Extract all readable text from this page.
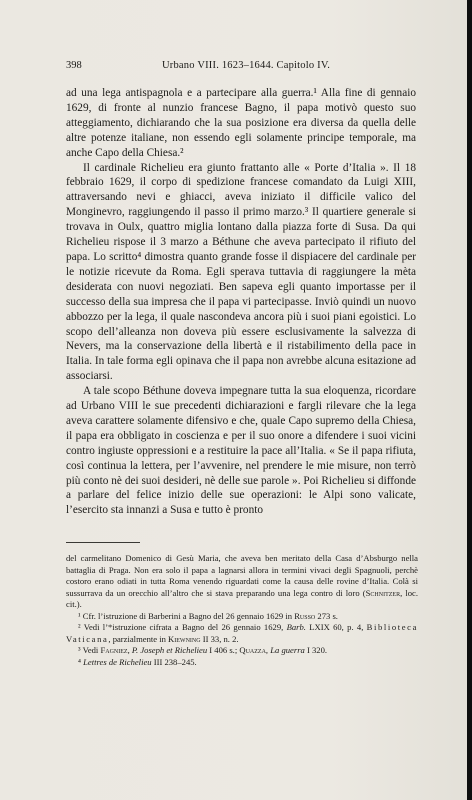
398	Urbano VIII. 1623–1644. Capitolo IV.

ad una lega antispagnola e a partecipare alla guerra.¹ Alla fine di gennaio 1629, di fronte al nunzio francese Bagno, il papa motivò questo suo atteggiamento, dichiarando che la sua posizione era diversa da quella delle altre potenze italiane, non essendo egli solamente principe temporale, ma anche Capo della Chiesa.²

Il cardinale Richelieu era giunto frattanto alle « Porte d’Italia ». Il 18 febbraio 1629, il corpo di spedizione francese comandato da Luigi XIII, attraversando nevi e ghiacci, aveva iniziato il difficile valico del Monginevro, raggiungendo il passo il primo marzo.³ Il quartiere generale si trovava in Oulx, quattro miglia lontano dalla piazza forte di Susa. Da qui Richelieu rispose il 3 marzo a Béthune che aveva partecipato il rifiuto del papa. Lo scritto⁴ dimostra quanto grande fosse il dispiacere del cardinale per le notizie ricevute da Roma. Egli sperava tuttavia di raggiungere la mèta desiderata con nuovi negoziati. Ben sapeva egli quanto importasse per il successo della sua impresa che il papa vi partecipasse. Inviò quindi un nuovo abbozzo per la lega, il quale nascondeva ancora più i suoi piani egoistici. Lo scopo dell’alleanza non doveva più essere esclusivamente la salvezza di Nevers, ma la conservazione della libertà e il ristabilimento della pace in Italia. In tale forma egli opinava che il papa non avrebbe alcuna esitazione ad associarsi.

A tale scopo Béthune doveva impegnare tutta la sua eloquenza, ricordare ad Urbano VIII le sue precedenti dichiarazioni e fargli rilevare che la lega aveva carattere solamente difensivo e che, quale Capo supremo della Chiesa, il papa era obbligato in coscienza e per il suo onore a difendere i suoi vicini contro ingiuste oppressioni e a restituire la pace all’Italia. « Se il papa rifiuta, così continua la lettera, per l’avvenire, nel prendere le mie misure, non terrò più conto nè dei suoi desideri, nè delle sue parole ». Poi Richelieu si diffonde a parlare del felice inizio delle sue operazioni: le Alpi sono valicate, l’esercito sta innanzi a Susa e tutto è pronto

del carmelitano Domenico di Gesù Maria, che aveva ben meritato della Casa d’Absburgo nella battaglia di Praga. Non era solo il papa a lagnarsi allora in termini vivaci degli Spagnuoli, perchè costoro erano odiati in tutta Roma venendo riguardati come la causa delle rovine d’Italia. Colà si sussurrava da un orecchio all’altro che si stava preparando una lega contro di loro (Schnitzer, loc. cit.).

¹ Cfr. l’istruzione di Barberini a Bagno del 26 gennaio 1629 in Russo 273 s.

² Vedi l’*istruzione cifrata a Bagno del 26 gennaio 1629, Barb. LXIX 60, p. 4, Biblioteca Vaticana, parzialmente in Kiewning II 33, n. 2.

³ Vedi Fagniez, P. Joseph et Richelieu I 406 s.; Quazza, La guerra I 320.

⁴ Lettres de Richelieu III 238–245.
